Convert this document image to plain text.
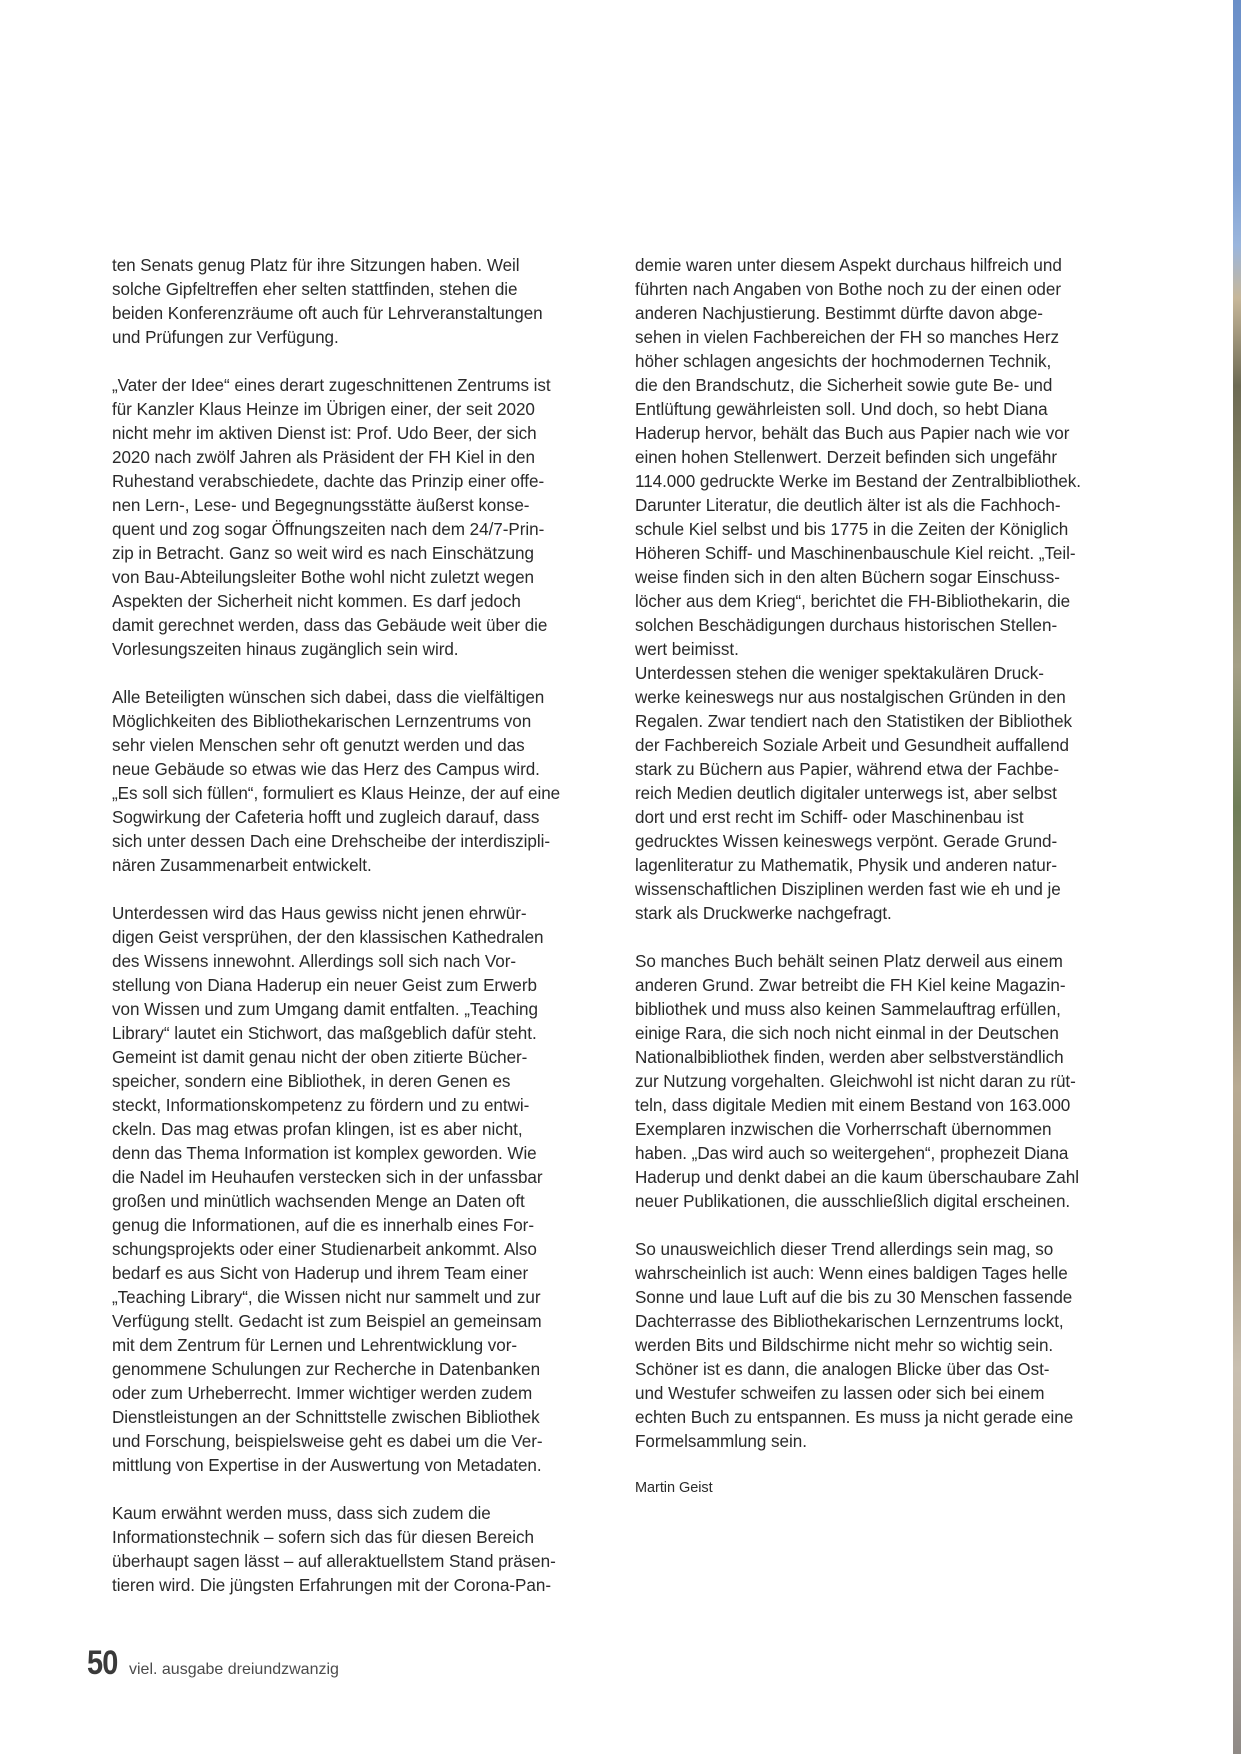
ten Senats genug Platz für ihre Sitzungen haben. Weil
solche Gipfeltreffen eher selten stattfinden, stehen die
beiden Konferenzräume oft auch für Lehrveranstaltungen
und Prüfungen zur Verfügung.

„Vater der Idee“ eines derart zugeschnittenen Zentrums ist
für Kanzler Klaus Heinze im Übrigen einer, der seit 2020
nicht mehr im aktiven Dienst ist: Prof. Udo Beer, der sich
2020 nach zwölf Jahren als Präsident der FH Kiel in den
Ruhestand verabschiedete, dachte das Prinzip einer offe-
nen Lern-, Lese- und Begegnungsstätte äußerst konse-
quent und zog sogar Öffnungszeiten nach dem 24/7-Prin-
zip in Betracht. Ganz so weit wird es nach Einschätzung
von Bau-Abteilungsleiter Bothe wohl nicht zuletzt wegen
Aspekten der Sicherheit nicht kommen. Es darf jedoch
damit gerechnet werden, dass das Gebäude weit über die
Vorlesungszeiten hinaus zugänglich sein wird.

Alle Beteiligten wünschen sich dabei, dass die vielfältigen
Möglichkeiten des Bibliothekarischen Lernzentrums von
sehr vielen Menschen sehr oft genutzt werden und das
neue Gebäude so etwas wie das Herz des Campus wird.
„Es soll sich füllen“, formuliert es Klaus Heinze, der auf eine
Sogwirkung der Cafeteria hofft und zugleich darauf, dass
sich unter dessen Dach eine Drehscheibe der interdiszipli-
nären Zusammenarbeit entwickelt.

Unterdessen wird das Haus gewiss nicht jenen ehrwür-
digen Geist versprühen, der den klassischen Kathedralen
des Wissens innewohnt. Allerdings soll sich nach Vor-
stellung von Diana Haderup ein neuer Geist zum Erwerb
von Wissen und zum Umgang damit entfalten. „Teaching
Library“ lautet ein Stichwort, das maßgeblich dafür steht.
Gemeint ist damit genau nicht der oben zitierte Bücher-
speicher, sondern eine Bibliothek, in deren Genen es
steckt, Informationskompetenz zu fördern und zu entwi-
ckeln. Das mag etwas profan klingen, ist es aber nicht,
denn das Thema Information ist komplex geworden. Wie
die Nadel im Heuhaufen verstecken sich in der unfassbar
großen und minütlich wachsenden Menge an Daten oft
genug die Informationen, auf die es innerhalb eines For-
schungsprojekts oder einer Studienarbeit ankommt. Also
bedarf es aus Sicht von Haderup und ihrem Team einer
„Teaching Library“, die Wissen nicht nur sammelt und zur
Verfügung stellt. Gedacht ist zum Beispiel an gemeinsam
mit dem Zentrum für Lernen und Lehrentwicklung vor-
genommene Schulungen zur Recherche in Datenbanken
oder zum Urheberrecht. Immer wichtiger werden zudem
Dienstleistungen an der Schnittstelle zwischen Bibliothek
und Forschung, beispielsweise geht es dabei um die Ver-
mittlung von Expertise in der Auswertung von Metadaten.

Kaum erwähnt werden muss, dass sich zudem die
Informationstechnik – sofern sich das für diesen Bereich
überhaupt sagen lässt – auf alleraktuellstem Stand präsen-
tieren wird. Die jüngsten Erfahrungen mit der Corona-Pan-

demie waren unter diesem Aspekt durchaus hilfreich und
führten nach Angaben von Bothe noch zu der einen oder
anderen Nachjustierung. Bestimmt dürfte davon abge-
sehen in vielen Fachbereichen der FH so manches Herz
höher schlagen angesichts der hochmodernen Technik,
die den Brandschutz, die Sicherheit sowie gute Be- und
Entlüftung gewährleisten soll. Und doch, so hebt Diana
Haderup hervor, behält das Buch aus Papier nach wie vor
einen hohen Stellenwert. Derzeit befinden sich ungefähr
114.000 gedruckte Werke im Bestand der Zentralbibliothek.
Darunter Literatur, die deutlich älter ist als die Fachhoch-
schule Kiel selbst und bis 1775 in die Zeiten der Königlich
Höheren Schiff- und Maschinenbauschule Kiel reicht. „Teil-
weise finden sich in den alten Büchern sogar Einschuss-
löcher aus dem Krieg“, berichtet die FH-Bibliothekarin, die
solchen Beschädigungen durchaus historischen Stellen-
wert beimisst.

Unterdessen stehen die weniger spektakulären Druck-
werke keineswegs nur aus nostalgischen Gründen in den
Regalen. Zwar tendiert nach den Statistiken der Bibliothek
der Fachbereich Soziale Arbeit und Gesundheit auffallend
stark zu Büchern aus Papier, während etwa der Fachbe-
reich Medien deutlich digitaler unterwegs ist, aber selbst
dort und erst recht im Schiff- oder Maschinenbau ist
gedrucktes Wissen keineswegs verpönt. Gerade Grund-
lagenliteratur zu Mathematik, Physik und anderen natur-
wissenschaftlichen Disziplinen werden fast wie eh und je
stark als Druckwerke nachgefragt.

So manches Buch behält seinen Platz derweil aus einem
anderen Grund. Zwar betreibt die FH Kiel keine Magazin-
bibliothek und muss also keinen Sammelauftrag erfüllen,
einige Rara, die sich noch nicht einmal in der Deutschen
Nationalbibliothek finden, werden aber selbstverständlich
zur Nutzung vorgehalten. Gleichwohl ist nicht daran zu rüt-
teln, dass digitale Medien mit einem Bestand von 163.000
Exemplaren inzwischen die Vorherrschaft übernommen
haben. „Das wird auch so weitergehen“, prophezeit Diana
Haderup und denkt dabei an die kaum überschaubare Zahl
neuer Publikationen, die ausschließlich digital erscheinen.

So unausweichlich dieser Trend allerdings sein mag, so
wahrscheinlich ist auch: Wenn eines baldigen Tages helle
Sonne und laue Luft auf die bis zu 30 Menschen fassende
Dachterrasse des Bibliothekarischen Lernzentrums lockt,
werden Bits und Bildschirme nicht mehr so wichtig sein.
Schöner ist es dann, die analogen Blicke über das Ost-
und Westufer schweifen zu lassen oder sich bei einem
echten Buch zu entspannen. Es muss ja nicht gerade eine
Formelsammlung sein.

Martin Geist
50 viel. ausgabe dreiundzwanzig
